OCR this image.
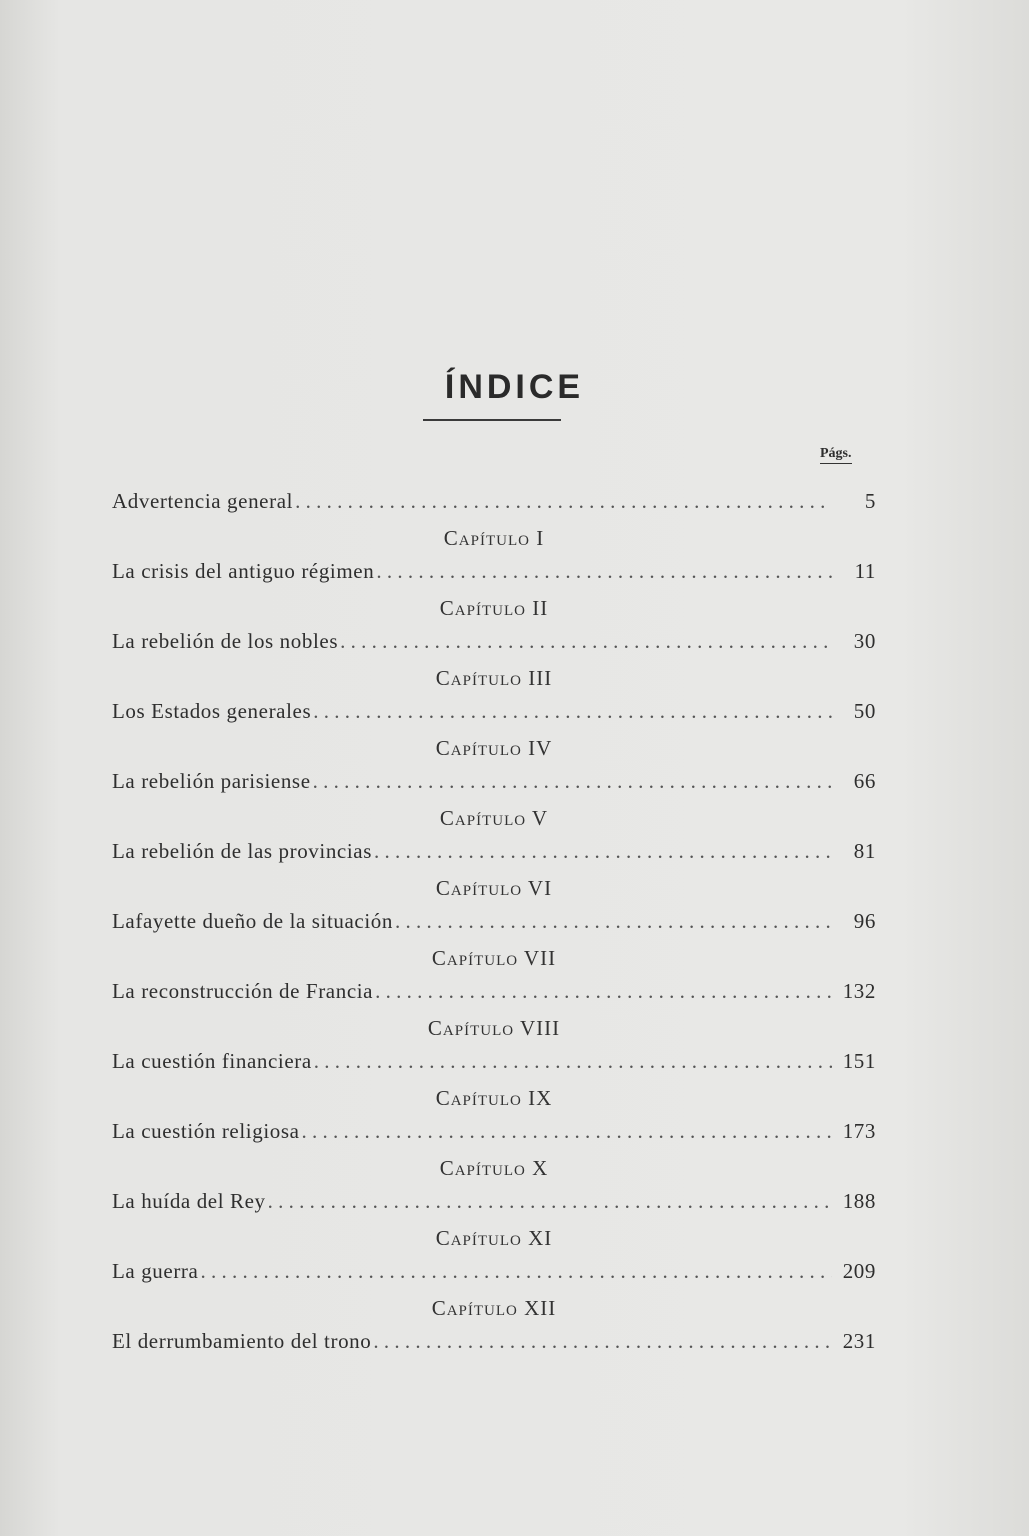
ÍNDICE
Págs.
Advertencia general . . .	5
Capítulo I
La crisis del antiguo régimen . . .	11
Capítulo II
La rebelión de los nobles . . .	30
Capítulo III
Los Estados generales . . .	50
Capítulo IV
La rebelión parisiense . . .	66
Capítulo V
La rebelión de las provincias . . .	81
Capítulo VI
Lafayette dueño de la situación . . .	96
Capítulo VII
La reconstrucción de Francia . . .	132
Capítulo VIII
La cuestión financiera . . .	151
Capítulo IX
La cuestión religiosa . . .	173
Capítulo X
La huída del Rey . . .	188
Capítulo XI
La guerra . . .	209
Capítulo XII
El derrumbamiento del trono . . .	231
